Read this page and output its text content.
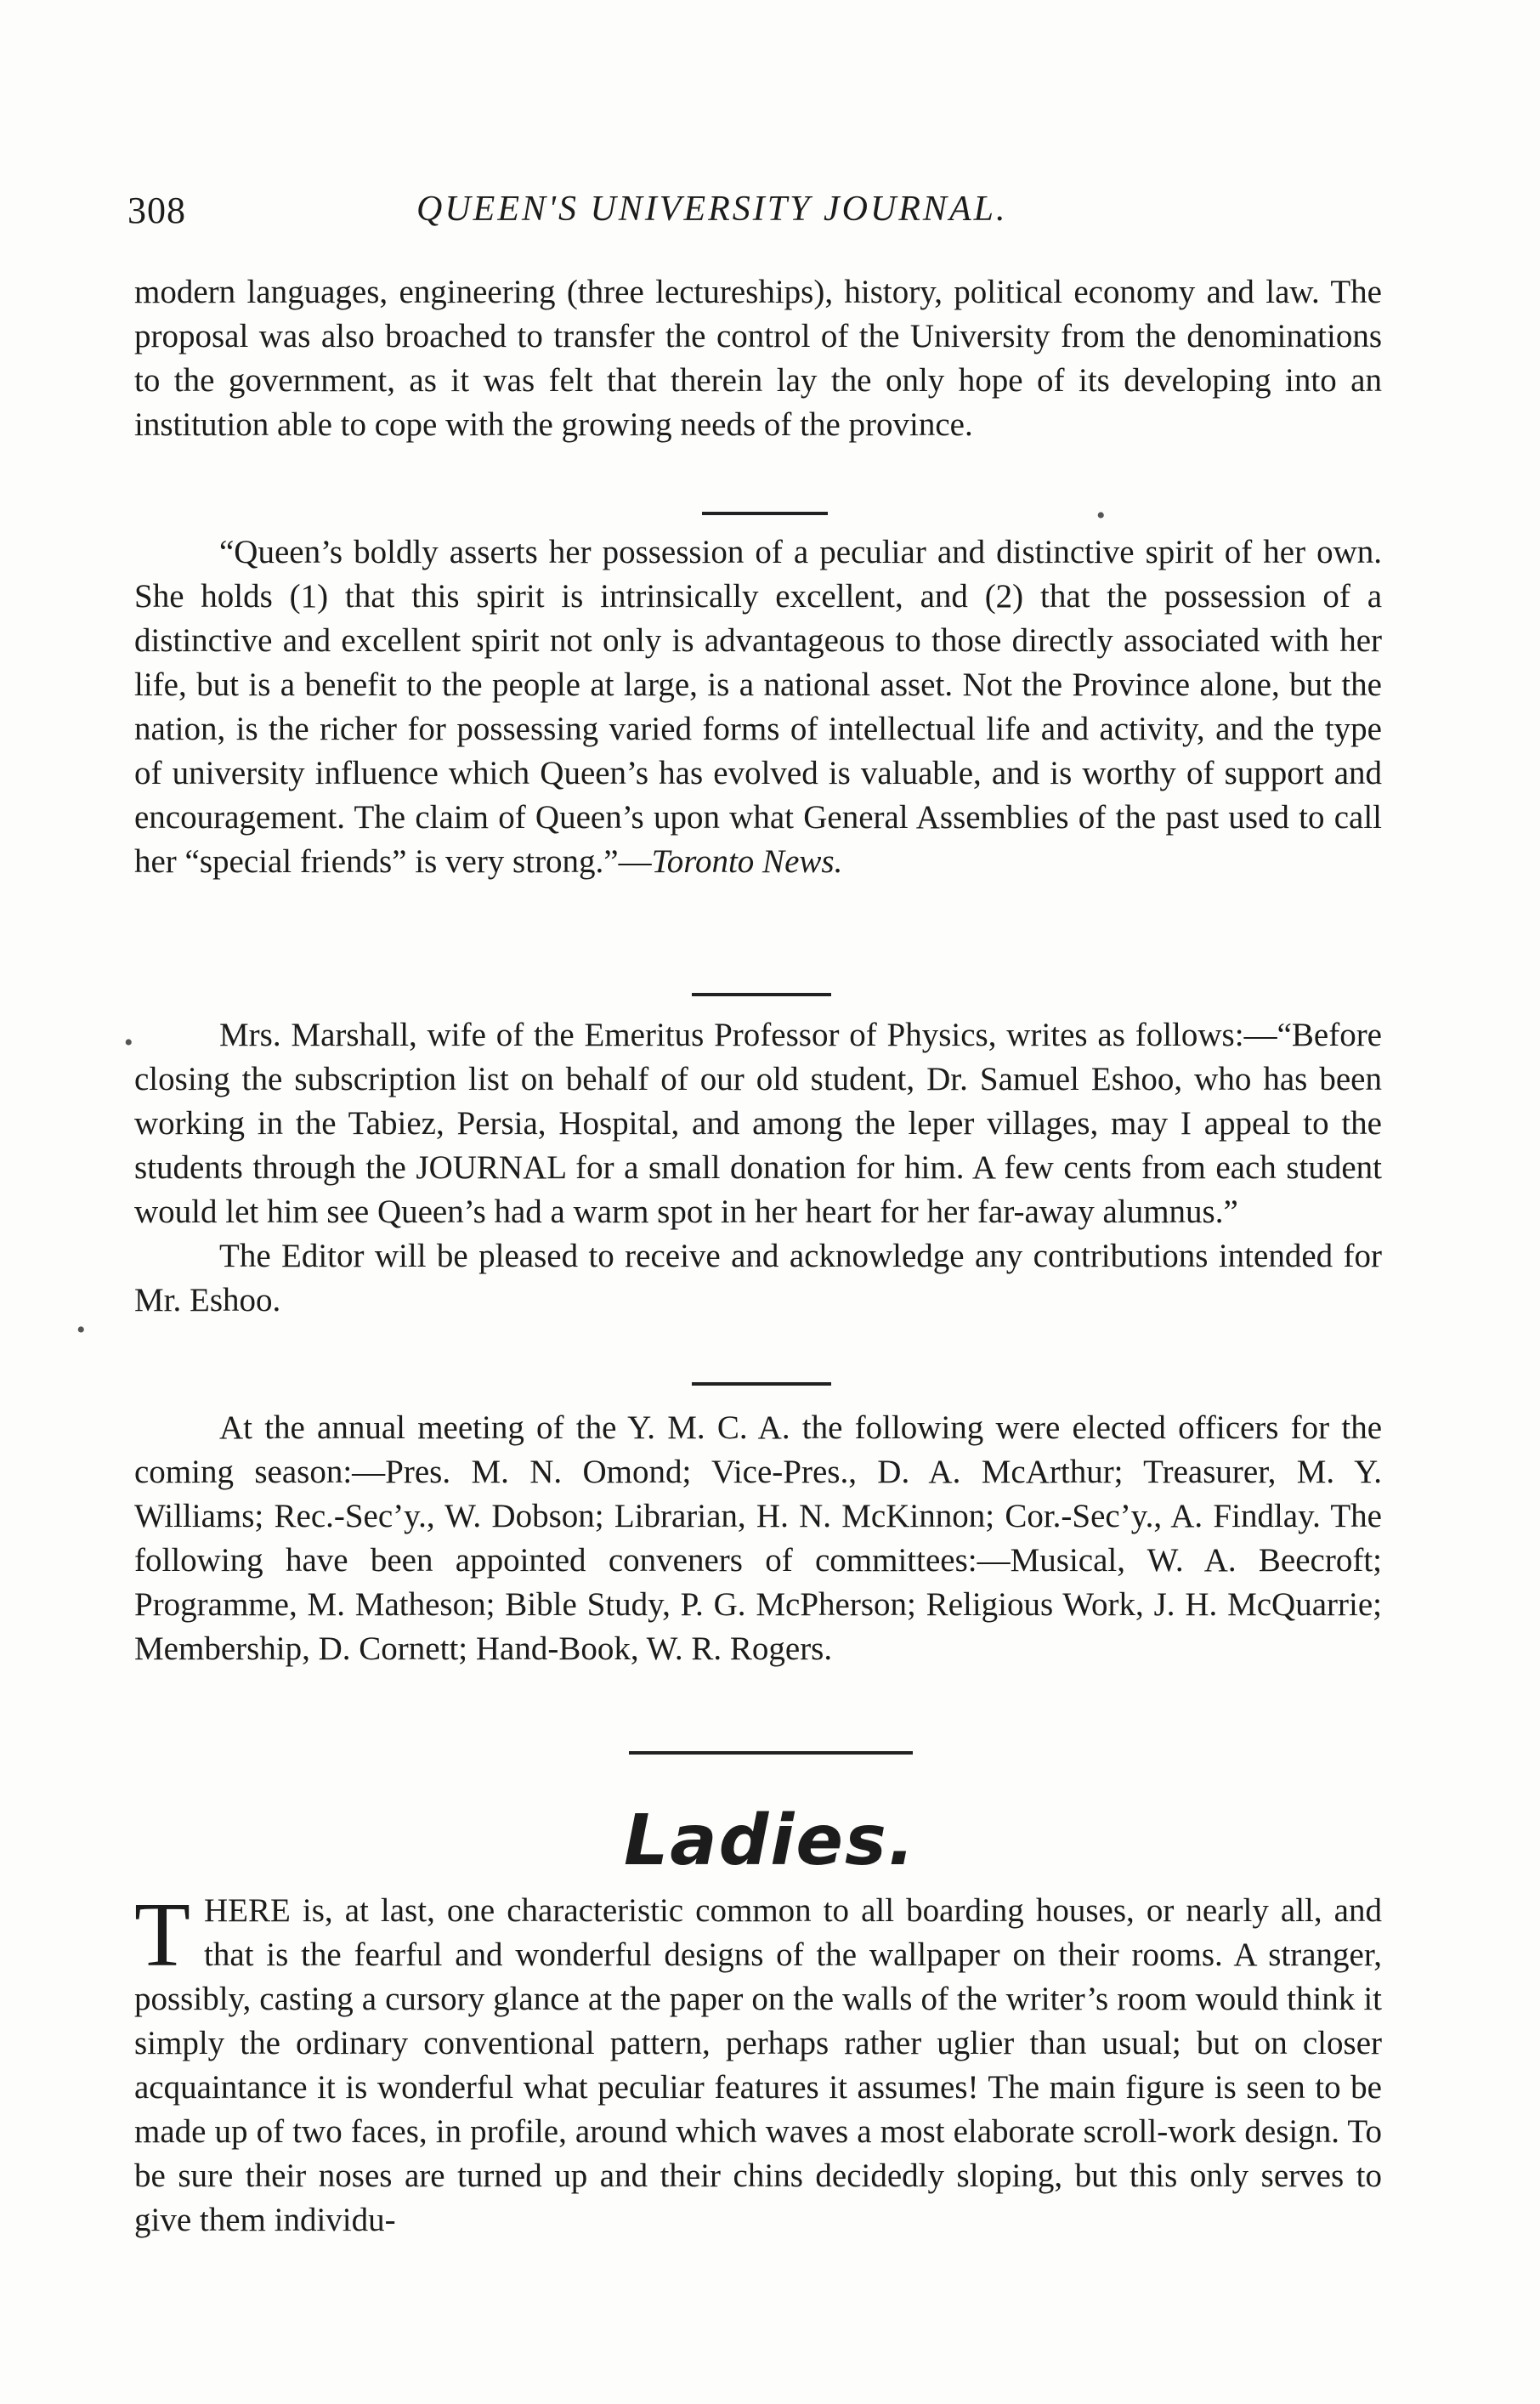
308	QUEEN'S UNIVERSITY JOURNAL.

modern languages, engineering (three lectureships), history, political economy and law. The proposal was also broached to transfer the control of the University from the denominations to the government, as it was felt that therein lay the only hope of its developing into an institution able to cope with the growing needs of the province.

“Queen’s boldly asserts her possession of a peculiar and distinctive spirit of her own. She holds (1) that this spirit is intrinsically excellent, and (2) that the possession of a distinctive and excellent spirit not only is advantageous to those directly associated with her life, but is a benefit to the people at large, is a national asset. Not the Province alone, but the nation, is the richer for possessing varied forms of intellectual life and activity, and the type of university influence which Queen’s has evolved is valuable, and is worthy of support and encouragement. The claim of Queen’s upon what General Assemblies of the past used to call her “special friends” is very strong.”—Toronto News.

Mrs. Marshall, wife of the Emeritus Professor of Physics, writes as follows:—“Before closing the subscription list on behalf of our old student, Dr. Samuel Eshoo, who has been working in the Tabiez, Persia, Hospital, and among the leper villages, may I appeal to the students through the JOURNAL for a small donation for him. A few cents from each student would let him see Queen’s had a warm spot in her heart for her far-away alumnus.”

The Editor will be pleased to receive and acknowledge any contributions intended for Mr. Eshoo.

At the annual meeting of the Y. M. C. A. the following were elected officers for the coming season:—Pres. M. N. Omond; Vice-Pres., D. A. McArthur; Treasurer, M. Y. Williams; Rec.-Sec’y., W. Dobson; Librarian, H. N. McKinnon; Cor.-Sec’y., A. Findlay. The following have been appointed conveners of committees:—Musical, W. A. Beecroft; Programme, M. Matheson; Bible Study, P. G. McPherson; Religious Work, J. H. McQuarrie; Membership, D. Cornett; Hand-Book, W. R. Rogers.

Ladies.

THERE is, at last, one characteristic common to all boarding houses, or nearly all, and that is the fearful and wonderful designs of the wallpaper on their rooms. A stranger, possibly, casting a cursory glance at the paper on the walls of the writer’s room would think it simply the ordinary conventional pattern, perhaps rather uglier than usual; but on closer acquaintance it is wonderful what peculiar features it assumes! The main figure is seen to be made up of two faces, in profile, around which waves a most elaborate scroll-work design. To be sure their noses are turned up and their chins decidedly sloping, but this only serves to give them individu-

•
•
•
